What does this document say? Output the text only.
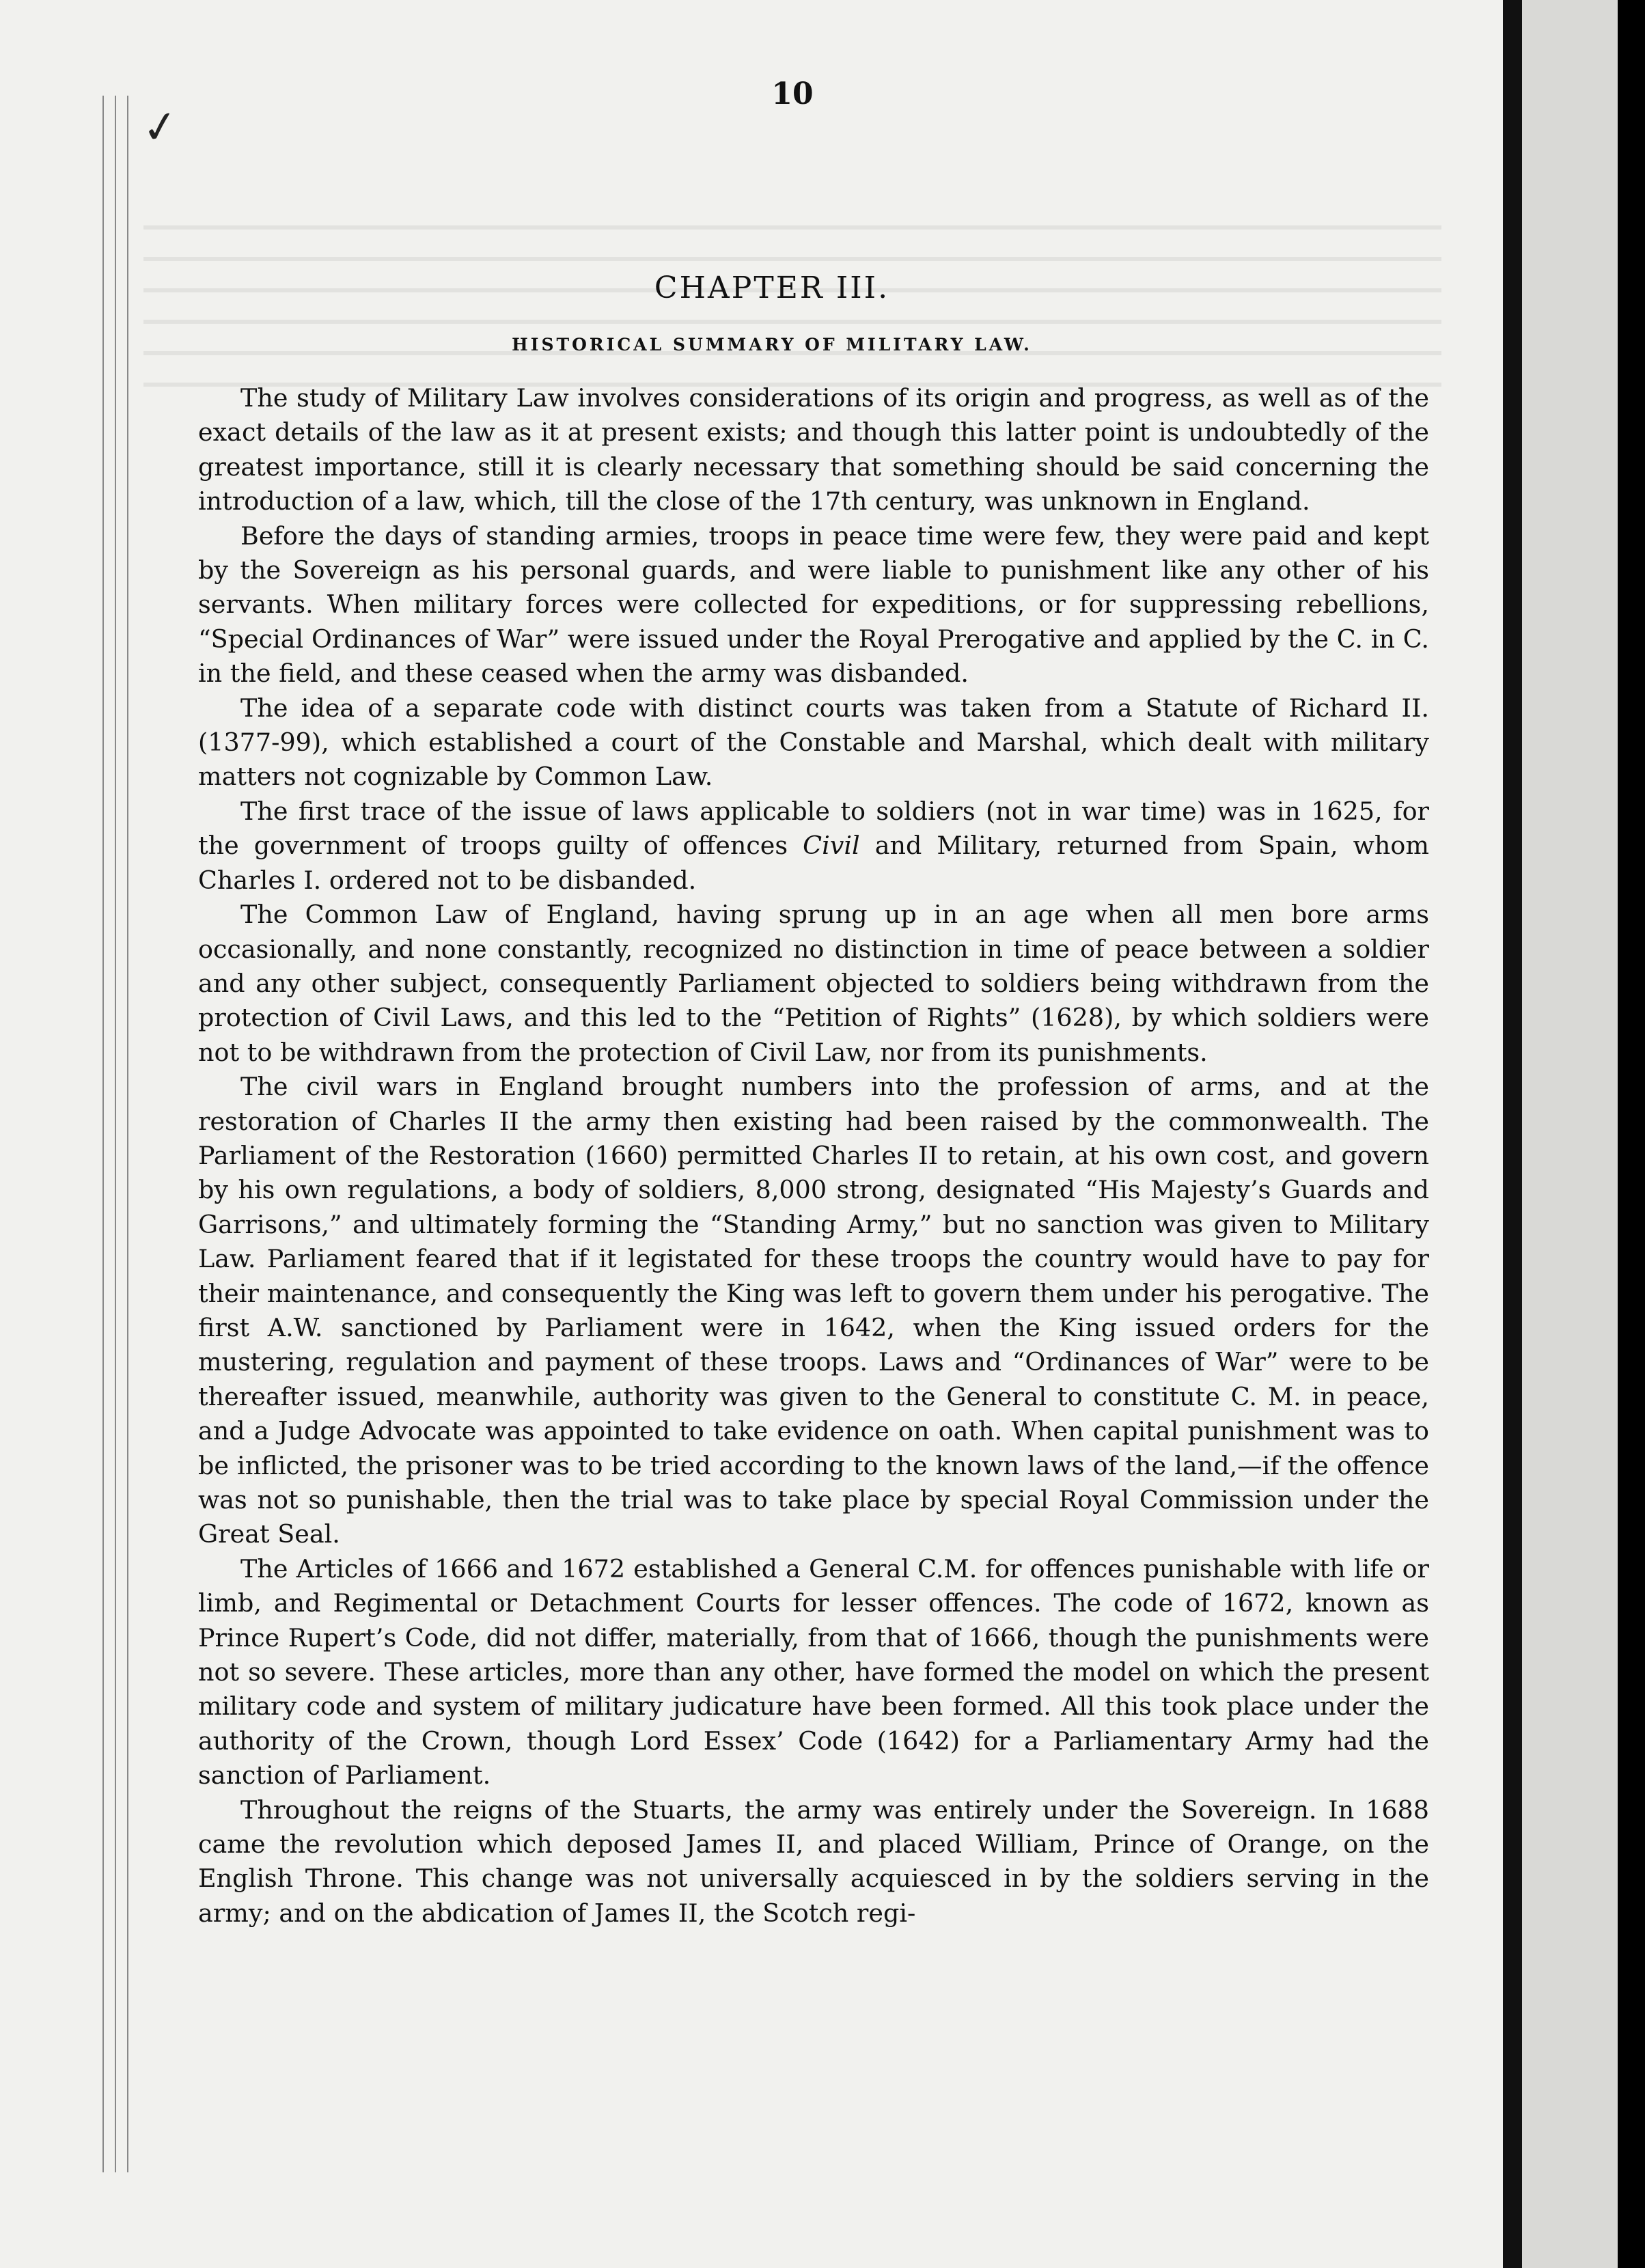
✓
10
CHAPTER III.
HISTORICAL SUMMARY OF MILITARY LAW.

The study of Military Law involves considerations of its origin and progress, as well as of the exact details of the law as it at present exists; and though this latter point is undoubtedly of the greatest importance, still it is clearly necessary that something should be said concerning the introduction of a law, which, till the close of the 17th century, was unknown in England.

Before the days of standing armies, troops in peace time were few, they were paid and kept by the Sovereign as his personal guards, and were liable to punishment like any other of his servants. When military forces were collected for expeditions, or for suppressing rebellions, “Special Ordinances of War” were issued under the Royal Prerogative and applied by the C. in C. in the field, and these ceased when the army was disbanded.

The idea of a separate code with distinct courts was taken from a Statute of Richard II. (1377-99), which established a court of the Constable and Marshal, which dealt with military matters not cognizable by Common Law.

The first trace of the issue of laws applicable to soldiers (not in war time) was in 1625, for the government of troops guilty of offences Civil and Military, returned from Spain, whom Charles I. ordered not to be disbanded.

The Common Law of England, having sprung up in an age when all men bore arms occasionally, and none constantly, recognized no distinction in time of peace between a soldier and any other subject, consequently Parliament objected to soldiers being withdrawn from the protection of Civil Laws, and this led to the “Petition of Rights” (1628), by which soldiers were not to be withdrawn from the protection of Civil Law, nor from its punishments.

The civil wars in England brought numbers into the profession of arms, and at the restoration of Charles II the army then existing had been raised by the commonwealth. The Parliament of the Restoration (1660) permitted Charles II to retain, at his own cost, and govern by his own regulations, a body of soldiers, 8,000 strong, designated “His Majesty’s Guards and Garrisons,” and ultimately forming the “Standing Army,” but no sanction was given to Military Law. Parliament feared that if it legistated for these troops the country would have to pay for their maintenance, and consequently the King was left to govern them under his perogative. The first A.W. sanctioned by Parliament were in 1642, when the King issued orders for the mustering, regulation and payment of these troops. Laws and “Ordinances of War” were to be thereafter issued, meanwhile, authority was given to the General to constitute C. M. in peace, and a Judge Advocate was appointed to take evidence on oath. When capital punishment was to be inflicted, the prisoner was to be tried according to the known laws of the land,—if the offence was not so punishable, then the trial was to take place by special Royal Commission under the Great Seal.

The Articles of 1666 and 1672 established a General C.M. for offences punishable with life or limb, and Regimental or Detachment Courts for lesser offences. The code of 1672, known as Prince Rupert’s Code, did not differ, materially, from that of 1666, though the punishments were not so severe. These articles, more than any other, have formed the model on which the present military code and system of military judicature have been formed. All this took place under the authority of the Crown, though Lord Essex’ Code (1642) for a Parliamentary Army had the sanction of Parliament.

Throughout the reigns of the Stuarts, the army was entirely under the Sovereign. In 1688 came the revolution which deposed James II, and placed William, Prince of Orange, on the English Throne. This change was not universally acquiesced in by the soldiers serving in the army; and on the abdication of James II, the Scotch regi-
